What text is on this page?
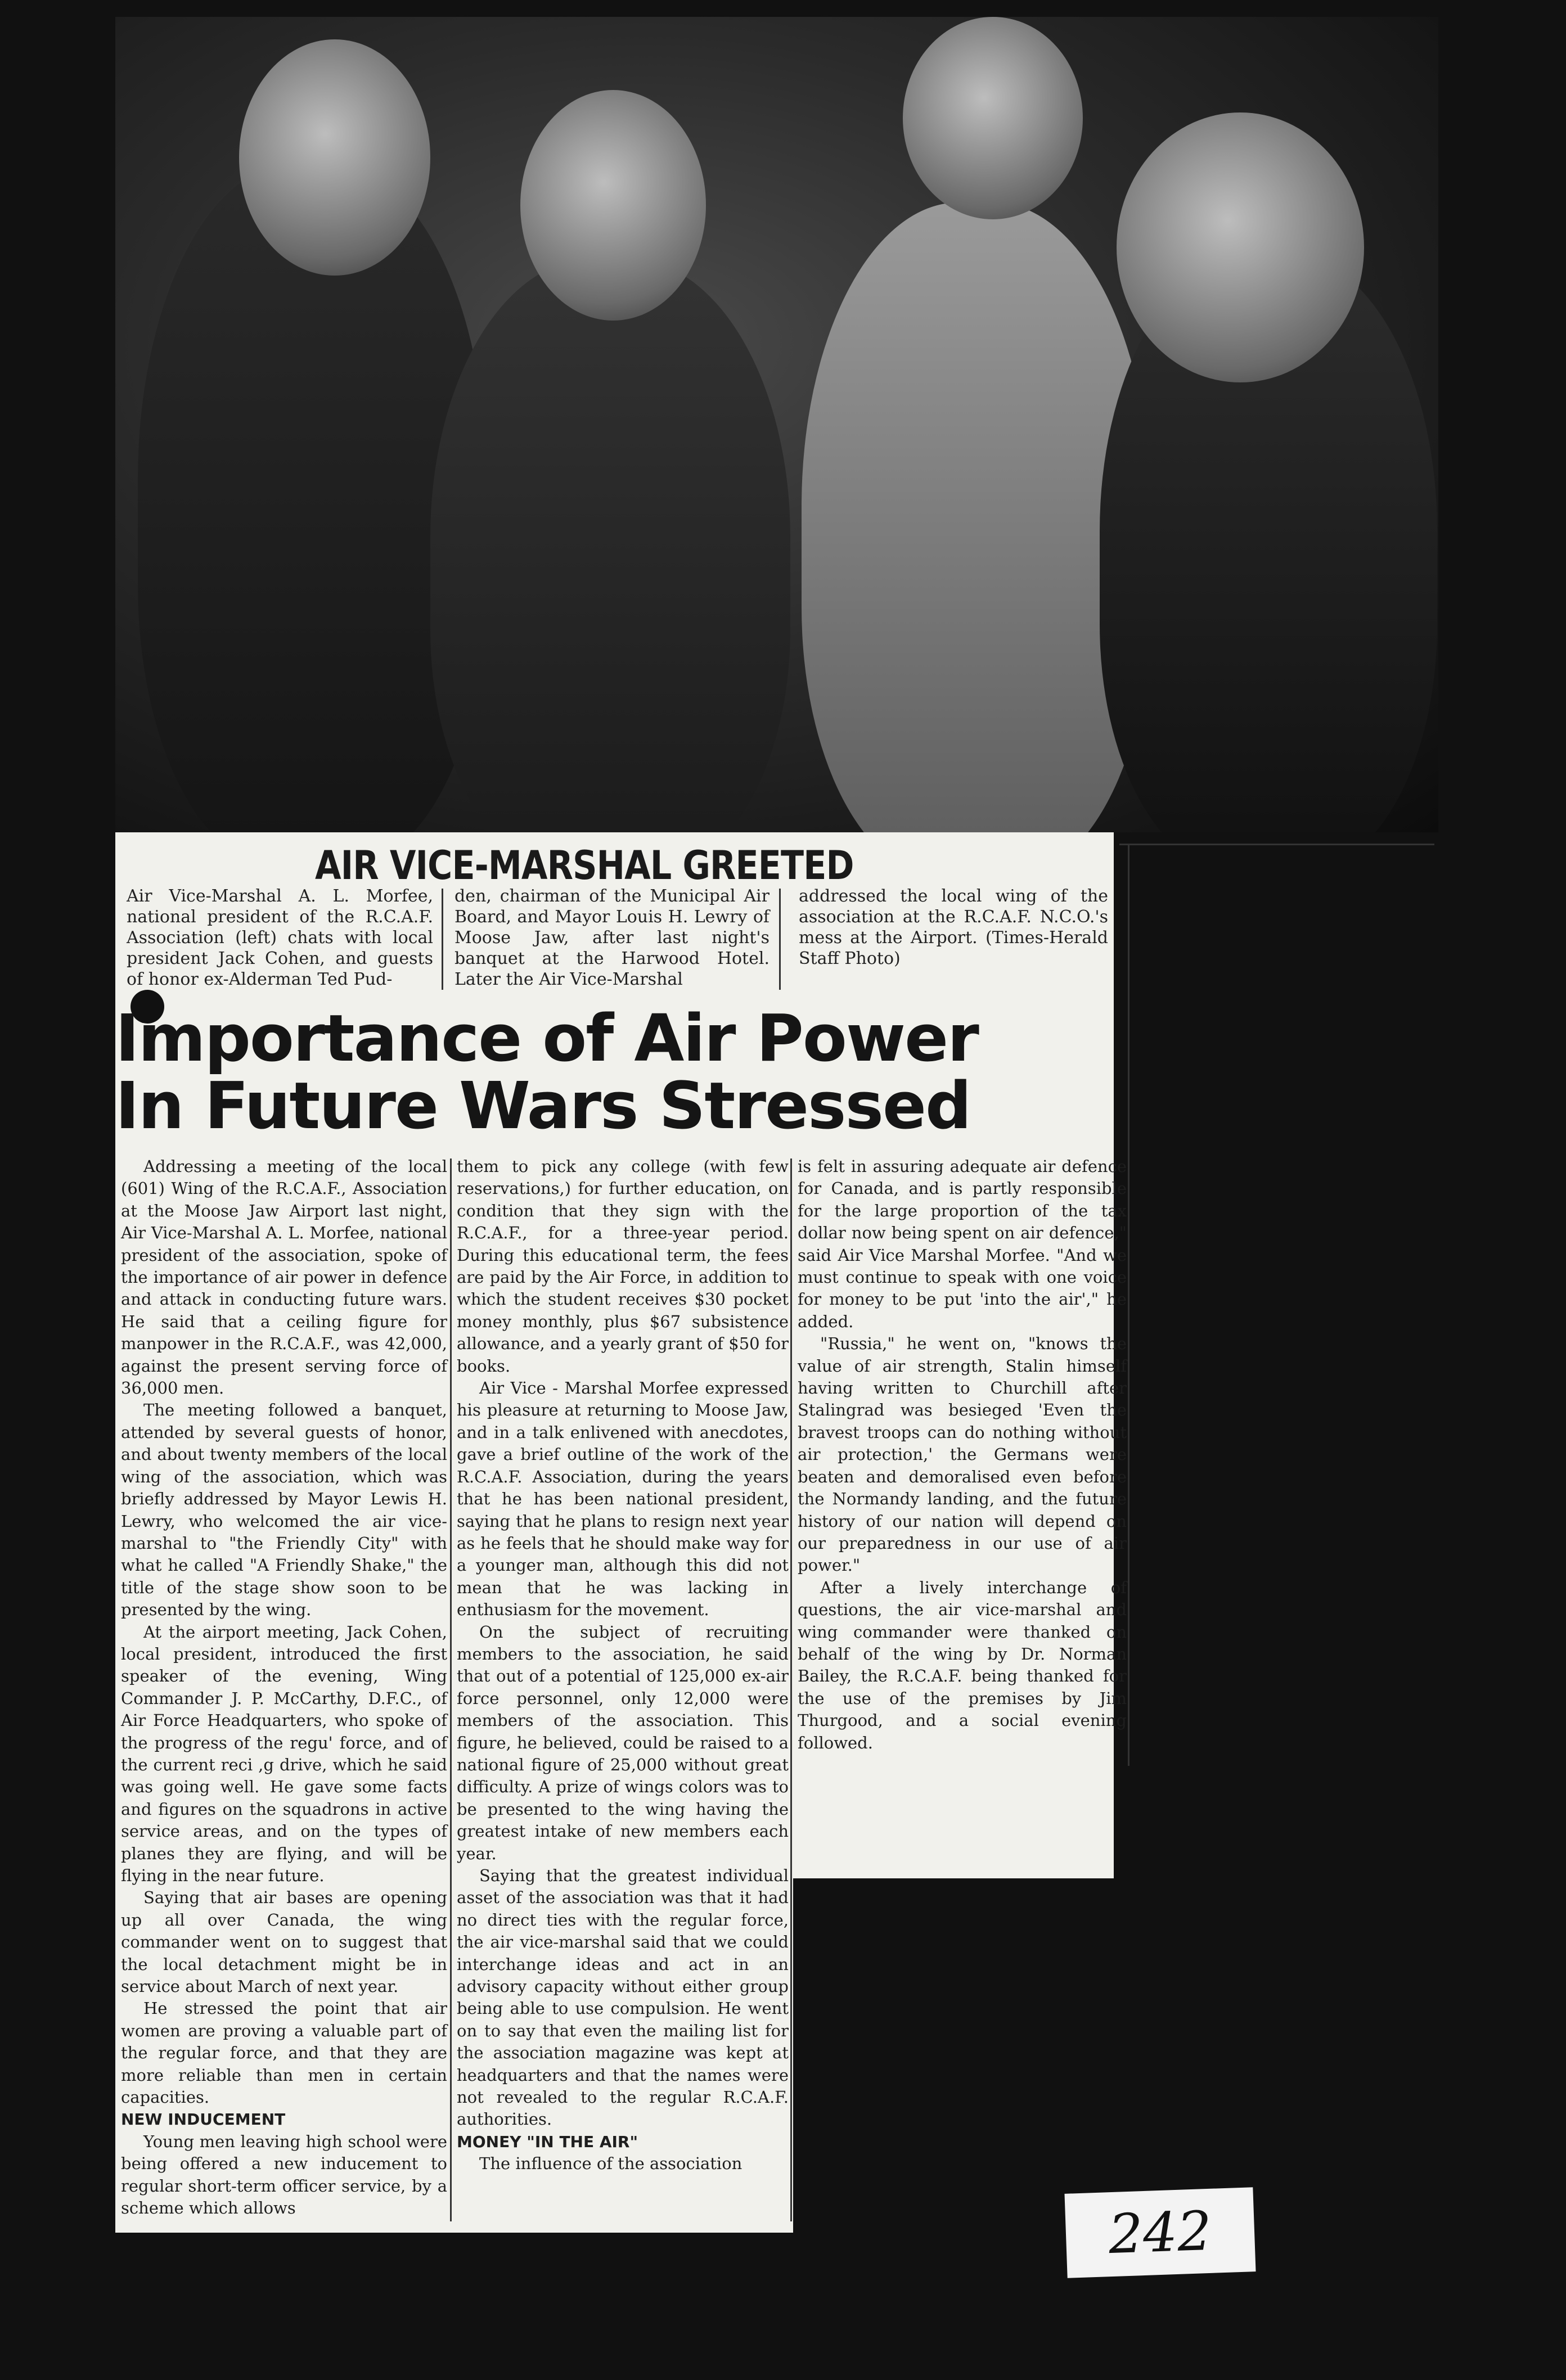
AIR VICE-MARSHAL GREETED
Air Vice-Marshal A. L. Morfee, national president of the R.C.A.F. Association (left) chats with local president Jack Cohen, and guests of honor ex-Alderman Ted Pud-
den, chairman of the Municipal Air Board, and Mayor Louis H. Lewry of Moose Jaw, after last night's banquet at the Harwood Hotel. Later the Air Vice-Marshal
addressed the local wing of the association at the R.C.A.F. N.C.O.'s mess at the Airport. (Times-Herald Staff Photo)
Importance of Air Power
In Future Wars Stressed

Addressing a meeting of the local (601) Wing of the R.C.A.F., Association at the Moose Jaw Airport last night, Air Vice-Marshal A. L. Morfee, national president of the association, spoke of the importance of air power in defence and attack in conducting future wars. He said that a ceiling figure for manpower in the R.C.A.F., was 42,000, against the present serving force of 36,000 men.

The meeting followed a banquet, attended by several guests of honor, and about twenty members of the local wing of the association, which was briefly addressed by Mayor Lewis H. Lewry, who welcomed the air vice-marshal to "the Friendly City" with what he called "A Friendly Shake," the title of the stage show soon to be presented by the wing.

At the airport meeting, Jack Cohen, local president, introduced the first speaker of the evening, Wing Commander J. P. McCarthy, D.F.C., of Air Force Headquarters, who spoke of the progress of the regu' force, and of the current reci ,g drive, which he said was going well. He gave some facts and figures on the squadrons in active service areas, and on the types of planes they are flying, and will be flying in the near future.

Saying that air bases are opening up all over Canada, the wing commander went on to suggest that the local detachment might be in service about March of next year.

He stressed the point that air women are proving a valuable part of the regular force, and that they are more reliable than men in certain capacities.

NEW INDUCEMENT

Young men leaving high school were being offered a new inducement to regular short-term officer service, by a scheme which allows

them to pick any college (with few reservations,) for further education, on condition that they sign with the R.C.A.F., for a three-year period. During this educational term, the fees are paid by the Air Force, in addition to which the student receives $30 pocket money monthly, plus $67 subsistence allowance, and a yearly grant of $50 for books.

Air Vice - Marshal Morfee expressed his pleasure at returning to Moose Jaw, and in a talk enlivened with anecdotes, gave a brief outline of the work of the R.C.A.F. Association, during the years that he has been national president, saying that he plans to resign next year as he feels that he should make way for a younger man, although this did not mean that he was lacking in enthusiasm for the movement.

On the subject of recruiting members to the association, he said that out of a potential of 125,000 ex-air force personnel, only 12,000 were members of the association. This figure, he believed, could be raised to a national figure of 25,000 without great difficulty. A prize of wings colors was to be presented to the wing having the greatest intake of new members each year.

Saying that the greatest individual asset of the association was that it had no direct ties with the regular force, the air vice-marshal said that we could interchange ideas and act in an advisory capacity without either group being able to use compulsion. He went on to say that even the mailing list for the association magazine was kept at headquarters and that the names were not revealed to the regular R.C.A.F. authorities.

MONEY "IN THE AIR"

The influence of the association

is felt in assuring adequate air defence for Canada, and is partly responsible for the large proportion of the tax dollar now being spent on air defence," said Air Vice Marshal Morfee. "And we must continue to speak with one voice for money to be put 'into the air'," he added.

"Russia," he went on, "knows the value of air strength, Stalin himself having written to Churchill after Stalingrad was besieged 'Even the bravest troops can do nothing without air protection,' the Germans were beaten and demoralised even before the Normandy landing, and the future history of our nation will depend on our preparedness in our use of air power."

After a lively interchange of questions, the air vice-marshal and wing commander were thanked on behalf of the wing by Dr. Norman Bailey, the R.C.A.F. being thanked for the use of the premises by Jim Thurgood, and a social evening followed.

242
